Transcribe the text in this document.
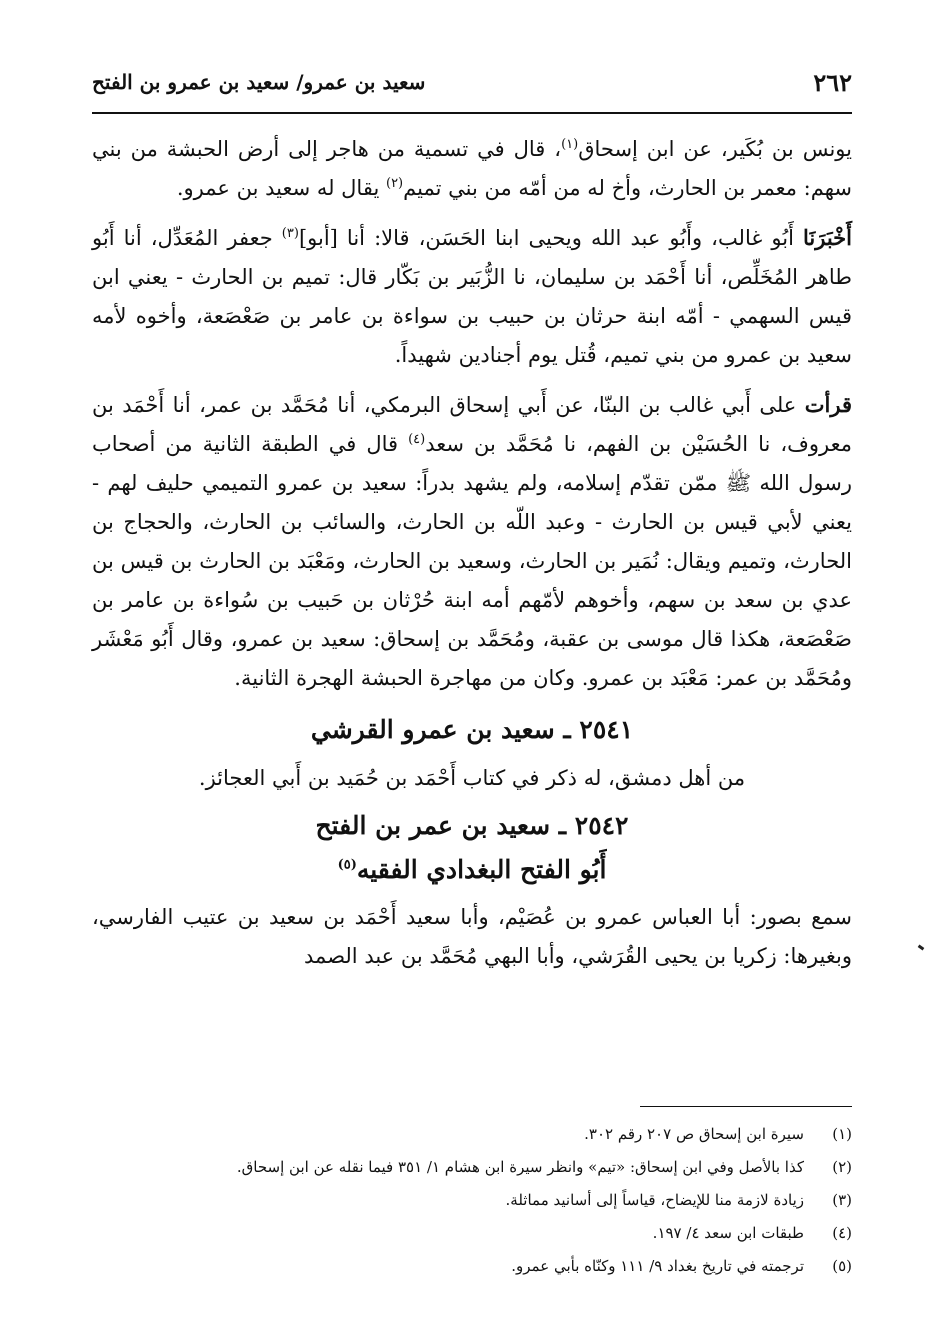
٢٦٢
سعيد بن عمرو/ سعيد بن عمرو بن الفتح

يونس بن بُكَير، عن ابن إسحاق$^{(١)}$، قال في تسمية من هاجر إلى أرض الحبشة من بني سهم: معمر بن الحارث، وأخ له من أمّه من بني تميم$^{(٢)}$ يقال له سعيد بن عمرو.

أَخْبَرَنَا أَبُو غالب، وأَبُو عبد الله ويحيى ابنا الحَسَن، قالا: أنا [أبو]$^{(٣)}$ جعفر المُعَدِّل، أنا أَبُو طاهر المُخَلِّص، أنا أَحْمَد بن سليمان، نا الزُّبَير بن بَكّار قال: تميم بن الحارث - يعني ابن قيس السهمي - أمّه ابنة حرثان بن حبيب بن سواءة بن عامر بن صَعْصَعة، وأخوه لأمه سعيد بن عمرو من بني تميم، قُتل يوم أجنادين شهيداً.

قرأت على أَبي غالب بن البنّا، عن أَبي إسحاق البرمكي، أنا مُحَمَّد بن عمر، أنا أَحْمَد بن معروف، نا الحُسَيْن بن الفهم، نا مُحَمَّد بن سعد$^{(٤)}$ قال في الطبقة الثانية من أصحاب رسول الله ﷺ ممّن تقدّم إسلامه، ولم يشهد بدراً: سعيد بن عمرو التميمي حليف لهم - يعني لأبي قيس بن الحارث - وعبد اللّه بن الحارث، والسائب بن الحارث، والحجاج بن الحارث، وتميم ويقال: نُمَير بن الحارث، وسعيد بن الحارث، ومَعْبَد بن الحارث بن قيس بن عدي بن سعد بن سهم، وأخوهم لأمّهم أمه ابنة حُرْثان بن حَبيب بن سُواءة بن عامر بن صَعْصَعة، هكذا قال موسى بن عقبة، ومُحَمَّد بن إسحاق: سعيد بن عمرو، وقال أَبُو مَعْشَر ومُحَمَّد بن عمر: مَعْبَد بن عمرو. وكان من مهاجرة الحبشة الهجرة الثانية.

٢٥٤١ ـ سعيد بن عمرو القرشي
من أهل دمشق، له ذكر في كتاب أَحْمَد بن حُمَيد بن أَبي العجائز.
٢٥٤٢ ـ سعيد بن عمر بن الفتح
أَبُو الفتح البغدادي الفقيه$^{(٥)}$

سمع بصور: أبا العباس عمرو بن عُصَيْم، وأبا سعيد أَحْمَد بن سعيد بن عتيب الفارسي، وبغيرها: زكريا بن يحيى القُرَشي، وأبا البهي مُحَمَّد بن عبد الصمد

(١)
سيرة ابن إسحاق ص ٢٠٧ رقم ٣٠٢.
(٢)
كذا بالأصل وفي ابن إسحاق: «تيم» وانظر سيرة ابن هشام ١/ ٣٥١ فيما نقله عن ابن إسحاق.
(٣)
زيادة لازمة منا للإيضاح، قياساً إلى أسانيد مماثلة.
(٤)
طبقات ابن سعد ٤/ ١٩٧.
(٥)
ترجمته في تاريخ بغداد ٩/ ١١١ وكنّاه بأبي عمرو.
